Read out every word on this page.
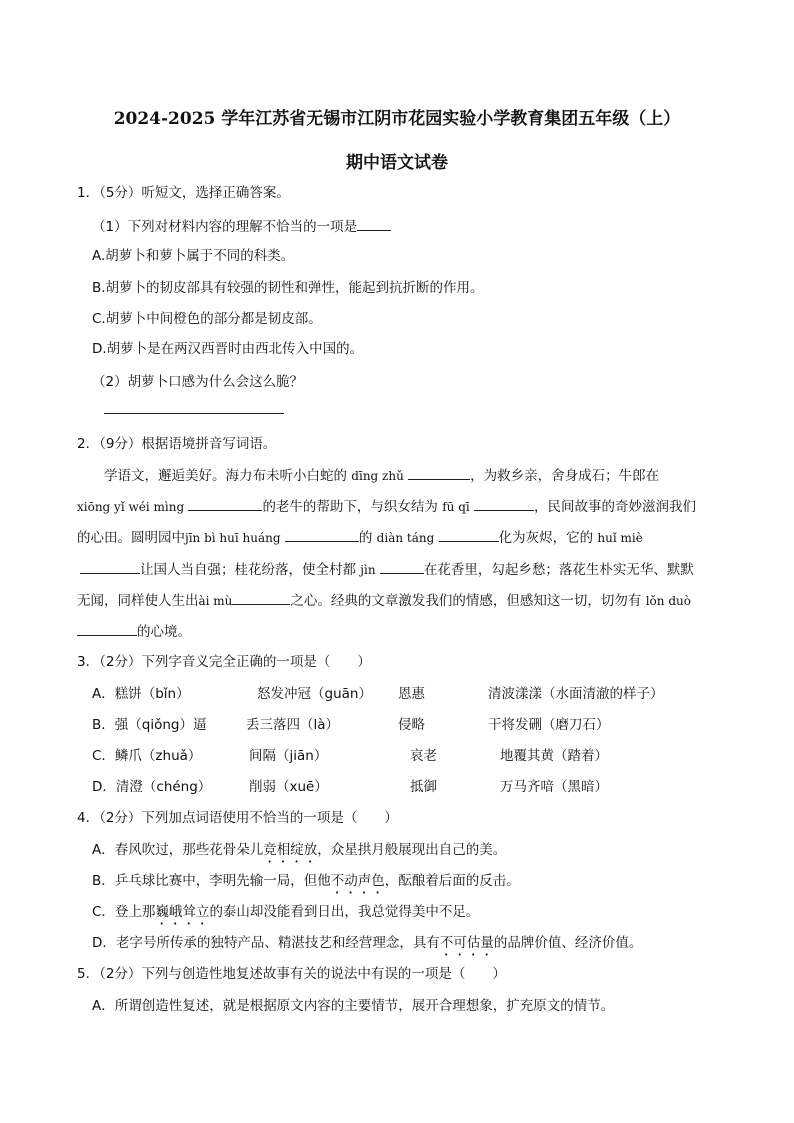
2024-2025 学年江苏省无锡市江阴市花园实验小学教育集团五年级（上）
期中语文试卷
1．（5分）听短文，选择正确答案。
（1）下列对材料内容的理解不恰当的一项是
A.胡萝卜和萝卜属于不同的科类。
B.胡萝卜的韧皮部具有较强的韧性和弹性，能起到抗折断的作用。
C.胡萝卜中间橙色的部分都是韧皮部。
D.胡萝卜是在两汉西晋时由西北传入中国的。
（2）胡萝卜口感为什么会这么脆？
2．（9分）根据语境拼音写词语。
学语文，邂逅美好。海力布未听小白蛇的 dīng zhǔ	，为救乡亲，舍身成石；牛郎在
xiōng yǐ wéi mìng	的老牛的帮助下，与织女结为 fū qī	，民间故事的奇妙滋润我们
的心田。圆明园中jīn bì huī huáng	的 diàn táng	化为灰烬，它的 huǐ miè
让国人当自强；桂花纷落，使全村都 jìn	在花香里，勾起乡愁；落花生朴实无华、默默
无闻，同样使人生出ài mù	之心。经典的文章激发我们的情感，但感知这一切，切勿有 lǒn duò
的心境。
3．（2分）下列字音义完全正确的一项是（　　）
A．糕饼（bǐn）	怒发冲冠（guān） 恩惠	清波漾漾（水面清澈的样子）
B．强（qiǒng）逼	丢三落四（là）	侵略	干将发硎（磨刀石）
C．鳞爪（zhuǎ）	间隔（jiān）	哀老	地覆其黄（踏着）
D．清澄（chéng）	削弱（xuē）	抵御	万马齐喑（黑暗）
4．（2分）下列加点词语使用不恰当的一项是（　　）
A．春风吹过，那些花骨朵儿竞相绽放，众星拱月般展现出自己的美。
B．乒乓球比赛中，李明先输一局，但他不动声色，酝酿着后面的反击。
C．登上那巍峨耸立的泰山却没能看到日出，我总觉得美中不足。
D．老字号所传承的独特产品、精湛技艺和经营理念，具有不可估量的品牌价值、经济价值。
5．（2分）下列与创造性地复述故事有关的说法中有误的一项是（　　）
A．所谓创造性复述，就是根据原文内容的主要情节，展开合理想象，扩充原文的情节。
